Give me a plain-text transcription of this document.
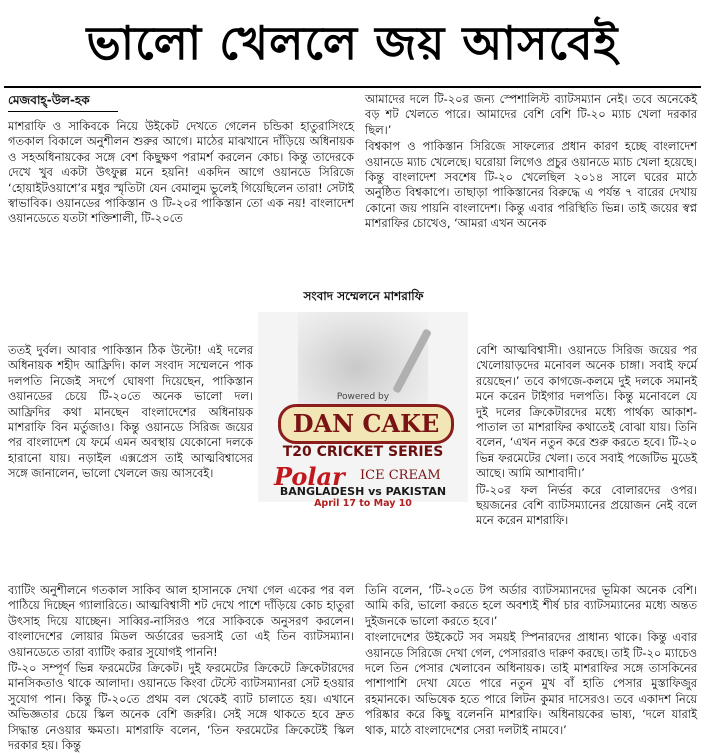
ভালো খেললে জয় আসবেই
মেজবাহ্-উল-হক

মাশরাফি ও সাকিবকে নিয়ে উইকেট দেখতে গেলেন চন্ডিকা হাতুরাসিংহে গতকাল বিকালে অনুশীলন শুরুর আগে। মাঠের মাঝখানে দাঁড়িয়ে অধিনায়ক ও সহঅধিনায়কের সঙ্গে বেশ কিছুক্ষণ পরামর্শ করলেন কোচ। কিন্তু তাদেরকে দেখে খুব একটা উৎফুল্ল মনে হয়নি! একদিন আগে ওয়ানডে সিরিজে ‘হোয়াইটওয়াশে’র মধুর স্মৃতিটা যেন বেমালুম ভুলেই গিয়েছিলেন তারা! সেটাই স্বাভাবিক। ওয়ানডের পাকিস্তান ও টি-২০র পাকিস্তান তো এক নয়! বাংলাদেশ ওয়ানডেতে যতটা শক্তিশালী, টি-২০তে

ততই দুর্বল। আবার পাকিস্তান ঠিক উল্টো! এই দলের অধিনায়ক শহীদ আফ্রিদি। কাল সংবাদ সম্মেলনে পাক দলপতি নিজেই সদর্পে ঘোষণা দিয়েছেন, পাকিস্তান ওয়ানডের চেয়ে টি-২০তে অনেক ভালো দল। আফ্রিদির কথা মানছেন বাংলাদেশের অধিনায়ক মাশরাফি বিন মর্তুজাও। কিন্তু ওয়ানডে সিরিজ জয়ের পর বাংলাদেশ যে ফর্মে এমন অবস্থায় যেকোনো দলকে হারানো যায়। নড়াইল এক্সপ্রেস তাই আত্মবিশ্বাসের সঙ্গে জানালেন, ভালো খেললে জয় আসবেই।

সংবাদ সম্মেলনে মাশরাফি
Powered by
DAN CAKE
T20 CRICKET SERIES
Polar ICE CREAM
BANGLADESH vs PAKISTAN
April 17 to May 10

ব্যাটিং অনুশীলনে গতকাল সাকিব আল হাসানকে দেখা গেল একের পর বল পাঠিয়ে দিচ্ছেন গ্যালারিতে। আত্মবিশ্বাসী শট দেখে পাশে দাঁড়িয়ে কোচ হাতুরা উৎসাহ দিয়ে যাচ্ছেন। সাব্বির-নাসিরও পরে সাকিবকে অনুসরণ করলেন। বাংলাদেশের লোয়ার মিডল অর্ডারের ভরসাই তো এই তিন ব্যাটসম্যান। ওয়ানডেতে তারা ব্যাটিং করার সুযোগই পাননি!

টি-২০ সম্পূর্ণ ভিন্ন ফরমেটের ক্রিকেট। দুই ফরমেটের ক্রিকেটে ক্রিকেটারদের মানসিকতাও থাকে আলাদা। ওয়ানডে কিংবা টেস্টে ব্যাটসম্যানরা সেট হওয়ার সুযোগ পান। কিন্তু টি-২০তে প্রথম বল থেকেই ব্যাট চালাতে হয়। এখানে অভিজ্ঞতার চেয়ে স্কিল অনেক বেশি জরুরি। সেই সঙ্গে থাকতে হবে দ্রুত সিদ্ধান্ত নেওয়ার ক্ষমতা। মাশরাফি বলেন, ‘তিন ফরমেটের ক্রিকেটেই স্কিল দরকার হয়। কিন্তু

আমাদের দলে টি-২০র জন্য স্পেশালিস্ট ব্যাটসম্যান নেই। তবে অনেকেই বড় শট খেলতে পারে। আমাদের বেশি বেশি টি-২০ ম্যাচ খেলা দরকার ছিল।’

বিশ্বকাপ ও পাকিস্তান সিরিজে সাফল্যের প্রধান কারণ হচ্ছে বাংলাদেশ ওয়ানডে ম্যাচ খেলেছে। ঘরোয়া লিগেও প্রচুর ওয়ানডে ম্যাচ খেলা হয়েছে। কিন্তু বাংলাদেশ সবশেষ টি-২০ খেলেছিল ২০১৪ সালে ঘরের মাঠে অনুষ্ঠিত বিশ্বকাপে। তাছাড়া পাকিস্তানের বিরুদ্ধে এ পর্যন্ত ৭ বারের দেখায় কোনো জয় পায়নি বাংলাদেশ। কিন্তু এবার পরিস্থিতি ভিন্ন। তাই জয়ের স্বপ্ন মাশরাফির চোখেও, ‘আমরা এখন অনেক

বেশি আত্মবিশ্বাসী। ওয়ানডে সিরিজ জয়ের পর খেলোয়াড়দের মনোবল অনেক চাঙ্গা। সবাই ফর্মে রয়েছেন।’ তবে কাগজে-কলমে দুই দলকে সমানই মনে করেন টাইগার দলপতি। কিন্তু মনোবলে যে দুই দলের ক্রিকেটারদের মধ্যে পার্থক্য আকাশ-পাতাল তা মাশরাফির কথাতেই বোঝা যায়। তিনি বলেন, ‘এখন নতুন করে শুরু করতে হবে। টি-২০ ভিন্ন ফরমেটের খেলা। তবে সবাই পজেটিভ মুডেই আছে। আমি আশাবাদী।’

টি-২০র ফল নির্ভর করে বোলারদের ওপর। ছয়জনের বেশি ব্যাটসম্যানের প্রয়োজন নেই বলে মনে করেন মাশরাফি।

তিনি বলেন, ‘টি-২০তে টপ অর্ডার ব্যাটসম্যানদের ভূমিকা অনেক বেশি। আমি করি, ভালো করতে হলে অবশ্যই শীর্ষ চার ব্যাটসম্যানের মধ্যে অন্তত দুইজনকে ভালো করতে হবে।’

বাংলাদেশের উইকেটে সব সময়ই স্পিনারদের প্রাধান্য থাকে। কিন্তু এবার ওয়ানডে সিরিজে দেখা গেল, পেসাররাও দারুণ করছে। তাই টি-২০ ম্যাচেও দলে তিন পেসার খেলাবেন অধিনায়ক। তাই মাশরাফির সঙ্গে তাসকিনের পাশাপাশি দেখা যেতে পারে নতুন মুখ বাঁ হাতি পেসার মুস্তাফিজুর রহমানকে। অভিষেক হতে পারে লিটন কুমার দাসেরও। তবে একাদশ নিয়ে পরিষ্কার করে কিছু বলেননি মাশরাফি। অধিনায়কের ভাষ্য, ‘দলে যারাই থাক, মাঠে বাংলাদেশের সেরা দলটাই নামবে।’
